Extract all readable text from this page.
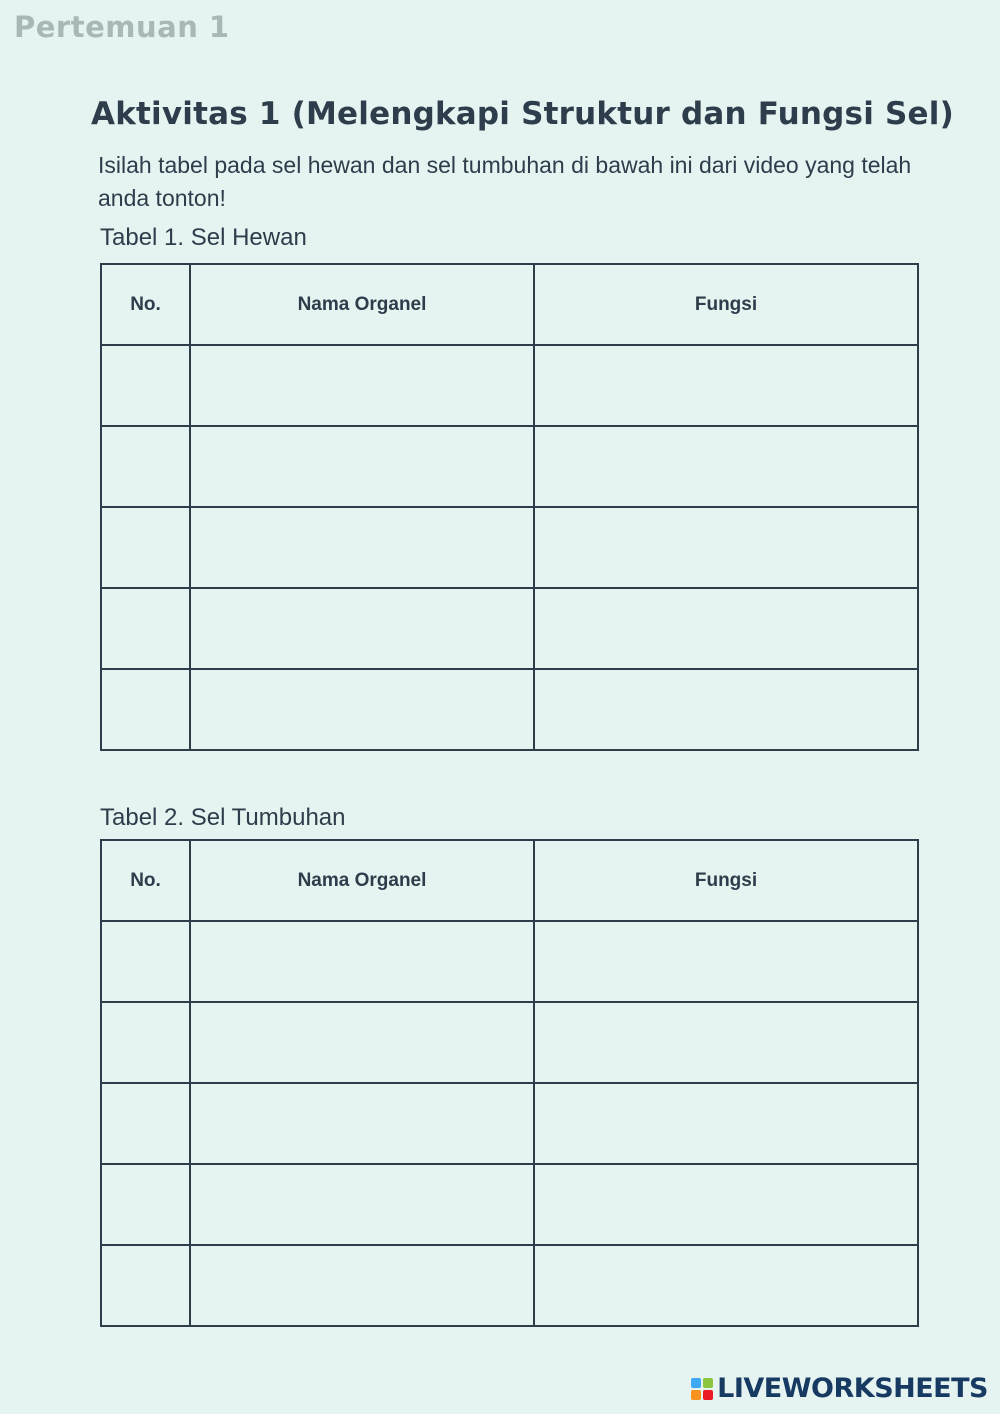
Pertemuan 1
Aktivitas 1 (Melengkapi Struktur dan Fungsi Sel)
Isilah tabel pada sel hewan dan sel tumbuhan di bawah ini dari video yang telah anda tonton!
Tabel 1. Sel Hewan
No.	Nama Organel	Fungsi

Tabel 2. Sel Tumbuhan
No.	Nama Organel	Fungsi

LIVEWORKSHEETS
